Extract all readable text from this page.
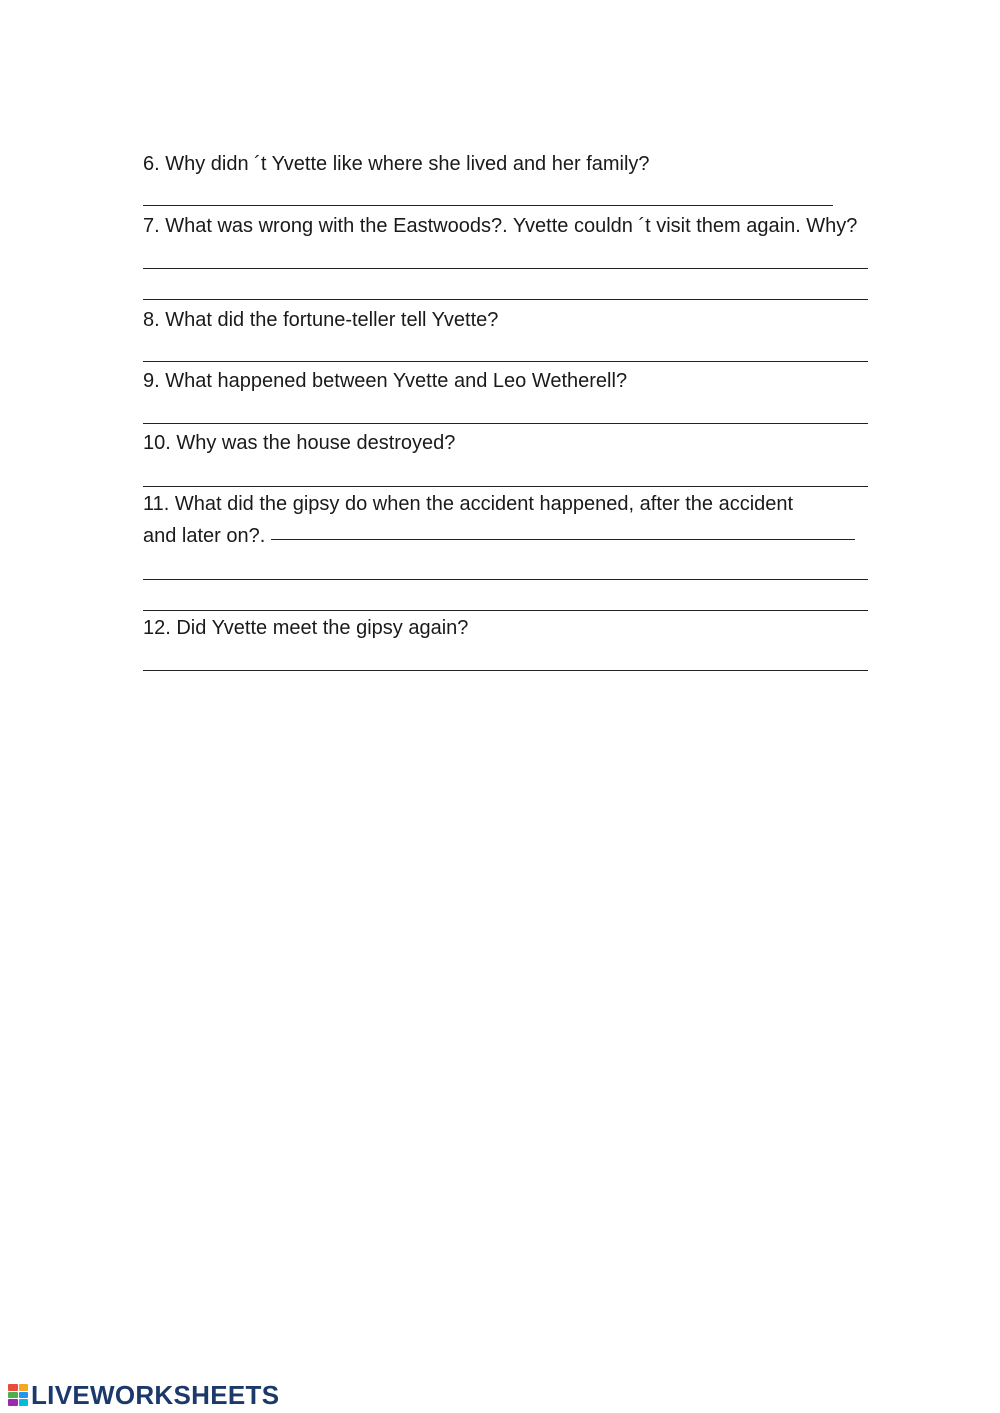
6. Why didn ´t Yvette like where she lived and her family?
7. What was wrong with the Eastwoods?. Yvette couldn ´t visit them again. Why?
8. What did the fortune-teller tell Yvette?
9. What happened between Yvette and Leo Wetherell?
10. Why was the house destroyed?
11. What did the gipsy do when the accident happened, after the accident
and later on?.
12. Did Yvette meet the gipsy again?
LIVEWORKSHEETS
